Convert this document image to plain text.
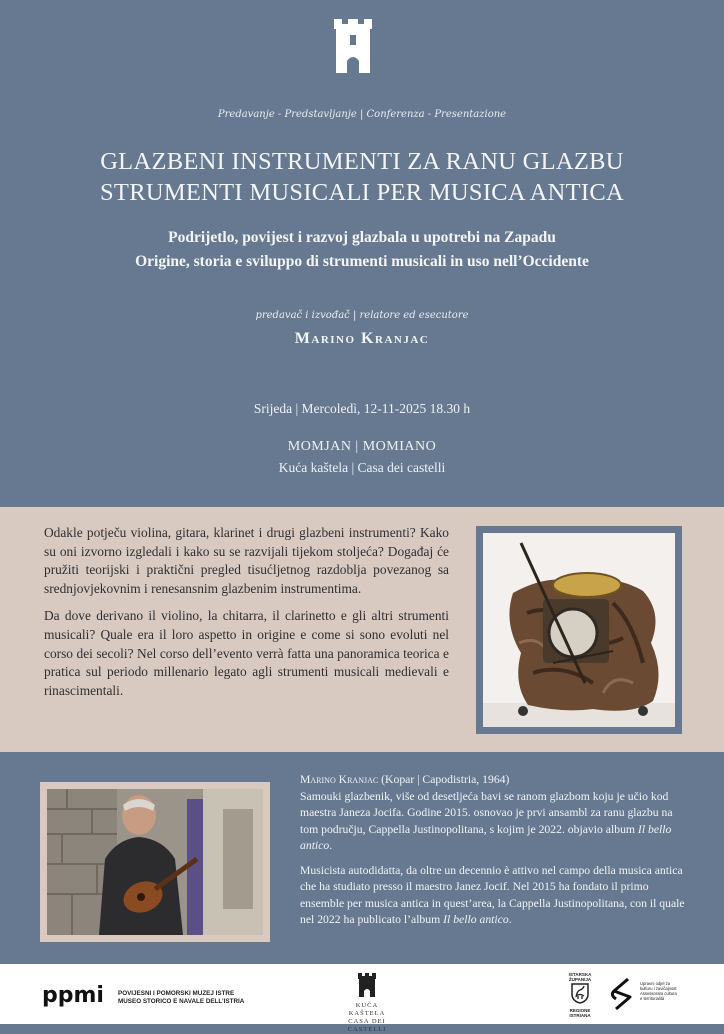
Predavanje - Predstavljanje | Conferenza - Presentazione
GLAZBENI INSTRUMENTI ZA RANU GLAZBU
STRUMENTI MUSICALI PER MUSICA ANTICA
Podrijetlo, povijest i razvoj glazbala u upotrebi na Zapadu
Origine, storia e sviluppo di strumenti musicali in uso nell’Occidente
predavač i izvođač | relatore ed esecutore
Marino Kranjac
Srijeda | Mercoledì, 12-11-2025 18.30 h
MOMJAN | MOMIANO
Kuća kaštela | Casa dei castelli

Odakle potječu violina, gitara, klarinet i drugi glazbeni instrumenti? Kako su oni izvorno izgledali i kako su se razvijali tijekom stoljeća? Događaj će pružiti teorijski i praktični pregled tisućljetnog razdoblja povezanog sa srednjovjekovnim i renesansnim glazbenim instrumentima.

Da dove derivano il violino, la chitarra, il clarinetto e gli altri strumenti musicali? Quale era il loro aspetto in origine e come si sono evoluti nel corso dei secoli? Nel corso dell’evento verrà fatta una panoramica teorica e pratica sul periodo millenario legato agli strumenti musicali medievali e rinascimentali.

Marino Kranjac (Kopar | Capodistria, 1964)

Samouki glazbenik, više od desetljeća bavi se ranom glazbom koju je učio kod maestra Janeza Jocifa. Godine 2015. osnovao je prvi ansambl za ranu glazbu na tom području, Cappella Justinopolitana, s kojim je 2022. objavio album Il bello antico.

Musicista autodidatta, da oltre un decennio è attivo nel campo della musica antica che ha studiato presso il maestro Janez Jocif. Nel 2015 ha fondato il primo ensemble per musica antica in quest’area, la Cappella Justinopolitana, con il quale nel 2022 ha publicato l’album Il bello antico.

ppmi POVIJESNI I POMORSKI MUZEJ ISTRE
MUSEO STORICO E NAVALE DELL’ISTRIA
KUĆA KAŠTELA
CASA DEI CASTELLI
ISTARSKA
ŽUPANIJA
REGIONE
ISTRIANA
Upravni odjel za
kulturu i zavičajnost
Assessorato cultura
e territorialità
